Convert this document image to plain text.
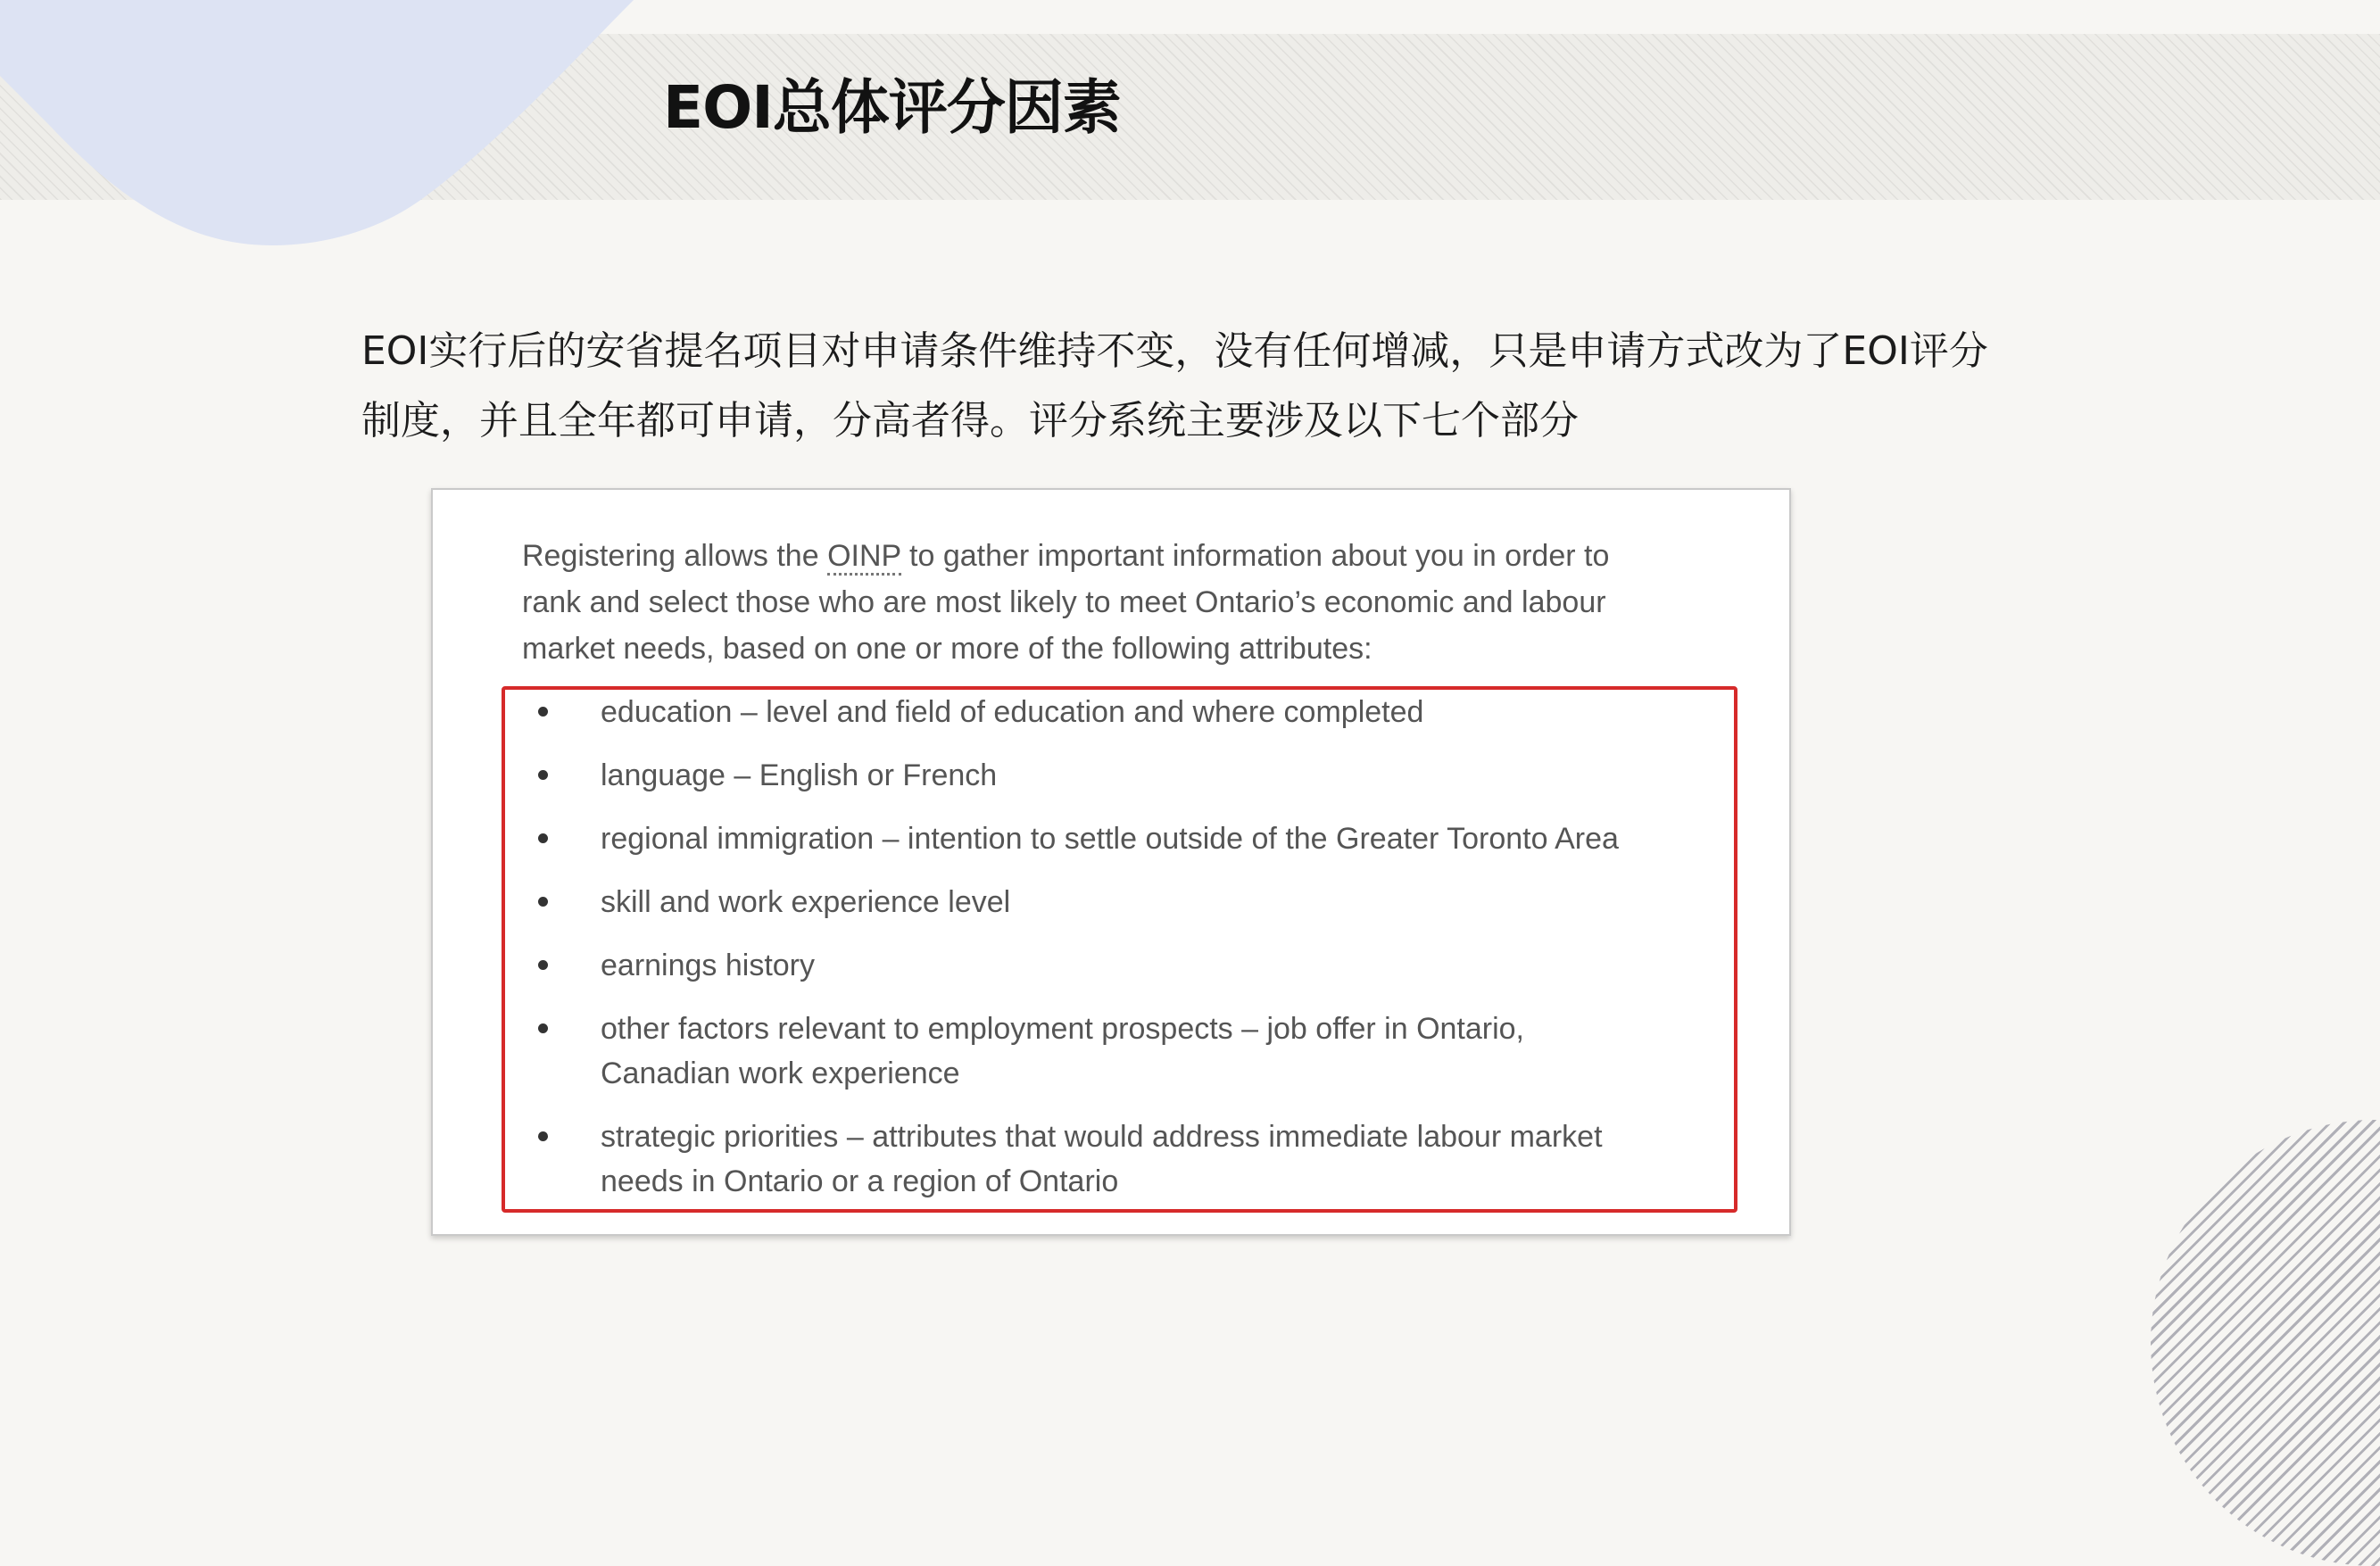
EOI总体评分因素
EOI实行后的安省提名项目对申请条件维持不变，没有任何增减，只是申请方式改为了EOI评分
制度，并且全年都可申请，分高者得。评分系统主要涉及以下七个部分
Registering allows the OINP to gather important information about you in order to
rank and select those who are most likely to meet Ontario’s economic and labour
market needs, based on one or more of the following attributes:
education – level and field of education and where completed
language – English or French
regional immigration – intention to settle outside of the Greater Toronto Area
skill and work experience level
earnings history
other factors relevant to employment prospects – job offer in Ontario,
Canadian work experience
strategic priorities – attributes that would address immediate labour market
needs in Ontario or a region of Ontario
